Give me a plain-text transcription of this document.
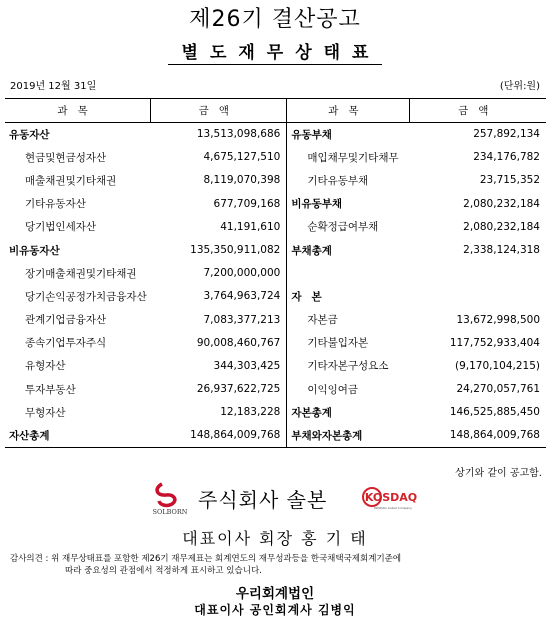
제26기 결산공고
별도재무상태표
2019년 12월 31일	(단위:원)
과목	금액	과목	금액
유동자산	13,513,098,686	유동부채	257,892,134
현금및현금성자산	4,675,127,510	매입채무및기타채무	234,176,782
매출채권및기타채권	8,119,070,398	기타유동부채	23,715,352
기타유동자산	677,709,168	비유동부채	2,080,232,184
당기법인세자산	41,191,610	순확정급여부채	2,080,232,184
비유동자산	135,350,911,082	부채총계	2,338,124,318
장기매출채권및기타채권	7,200,000,000		
당기손익공정가치금융자산	3,764,963,724	자본	
관계기업금융자산	7,083,377,213	자본금	13,672,998,500
종속기업투자주식	90,008,460,767	기타불입자본	117,752,933,404
유형자산	344,303,425	기타자본구성요소	(9,170,104,215)
투자부동산	26,937,622,725	이익잉여금	24,270,057,761
무형자산	12,183,228	자본총계	146,525,885,450
자산총계	148,864,009,768	부채와자본총계	148,864,009,768
상기와 같이 공고함.
SOLBORN 주식회사 솔본	KOSDAQ
KOSDAQ Listed Company
대표이사 회장 홍 기 태
감사의견 : 위 재무상태표를 포함한 제26기 재무제표는 회계연도의 재무성과등을 한국채택국제회계기준에
따라 중요성의 관점에서 적정하게 표시하고 있습니다.
우리회계법인
대표이사 공인회계사 김병익
